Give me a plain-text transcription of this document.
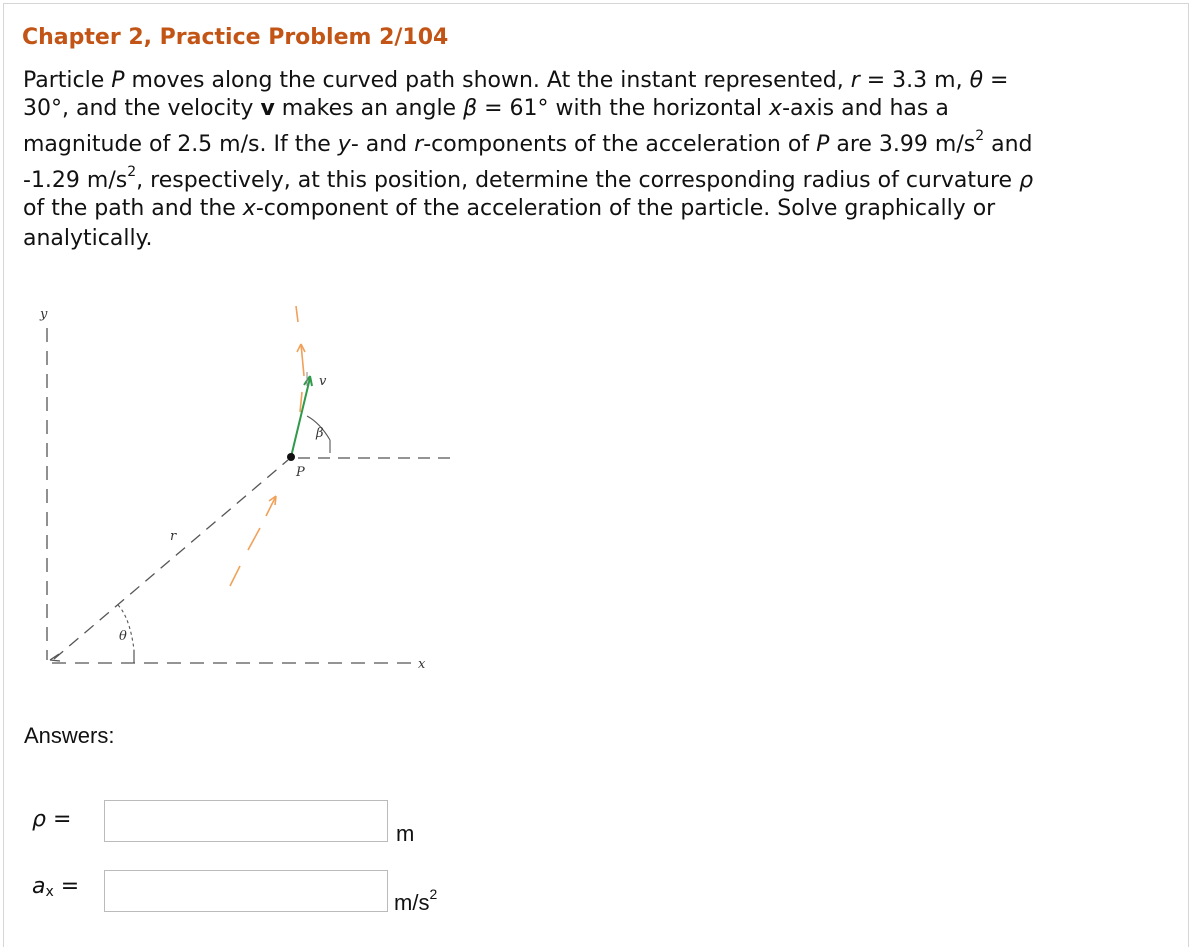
Chapter 2, Practice Problem 2/104
Particle P moves along the curved path shown. At the instant represented, r = 3.3 m, θ =
30°, and the velocity v makes an angle β = 61° with the horizontal x-axis and has a
magnitude of 2.5 m/s. If the y- and r-components of the acceleration of P are 3.99 $m/s^2$ and
-1.29 $m/s^2$, respectively, at this position, determine the corresponding radius of curvature ρ
of the path and the x-component of the acceleration of the particle. Solve graphically or
analytically.
y
x
r
θ
P
v
β
Answers:
ρ =
m
$a_x$ =
$m/s^2$
